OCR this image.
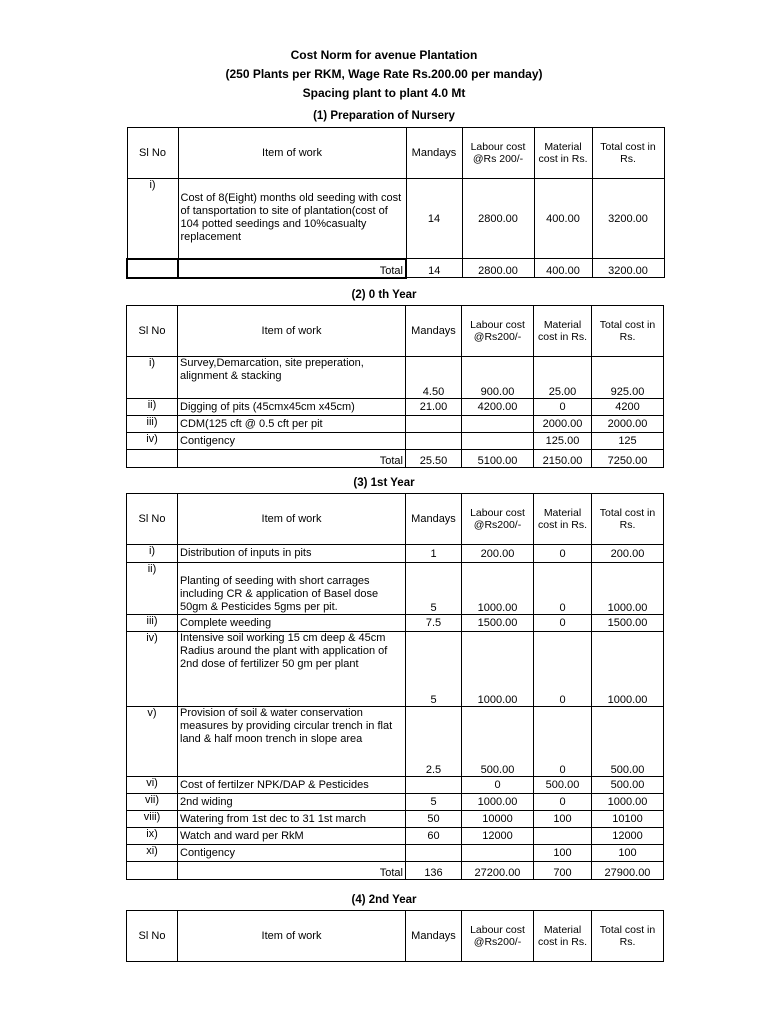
Cost Norm for avenue Plantation
(250 Plants per RKM, Wage Rate Rs.200.00 per manday)
Spacing plant to plant 4.0 Mt
(1) Preparation of Nursery
Sl No	Item of work	Mandays	Labour cost @Rs 200/-	Material cost in Rs.	Total cost in Rs.
i)	Cost of 8(Eight) months old seeding with cost of tansportation to site of plantation(cost of 104 potted seedings and 10%casualty replacement	14	2800.00	400.00	3200.00
	Total	14	2800.00	400.00	3200.00
(2) 0 th Year
Sl No	Item of work	Mandays	Labour cost @Rs200/-	Material cost in Rs.	Total cost in Rs.
i)	Survey,Demarcation, site preperation, alignment & stacking	4.50	900.00	25.00	925.00
ii)	Digging of pits (45cmx45cm x45cm)	21.00	4200.00	0	4200
iii)	CDM(125 cft @ 0.5 cft per pit			2000.00	2000.00
iv)	Contigency			125.00	125
	Total	25.50	5100.00	2150.00	7250.00
(3) 1st Year
Sl No	Item of work	Mandays	Labour cost @Rs200/-	Material cost in Rs.	Total cost in Rs.
i)	Distribution of inputs in pits	1	200.00	0	200.00
ii)	Planting of seeding with short carrages including CR & application of Basel dose 50gm & Pesticides 5gms per pit.	5	1000.00	0	1000.00
iii)	Complete weeding	7.5	1500.00	0	1500.00
iv)	Intensive soil working 15 cm deep & 45cm Radius around the plant with application of 2nd dose of fertilizer 50 gm per plant	5	1000.00	0	1000.00
v)	Provision of soil & water conservation measures by providing circular trench in flat land & half moon trench in slope area	2.5	500.00	0	500.00
vi)	Cost of fertilzer NPK/DAP & Pesticides		0	500.00	500.00
vii)	2nd widing	5	1000.00	0	1000.00
viii)	Watering from 1st dec to 31 1st march	50	10000	100	10100
ix)	Watch and ward per RkM	60	12000		12000
xi)	Contigency			100	100
	Total	136	27200.00	700	27900.00
(4) 2nd Year
Sl No	Item of work	Mandays	Labour cost @Rs200/-	Material cost in Rs.	Total cost in Rs.
